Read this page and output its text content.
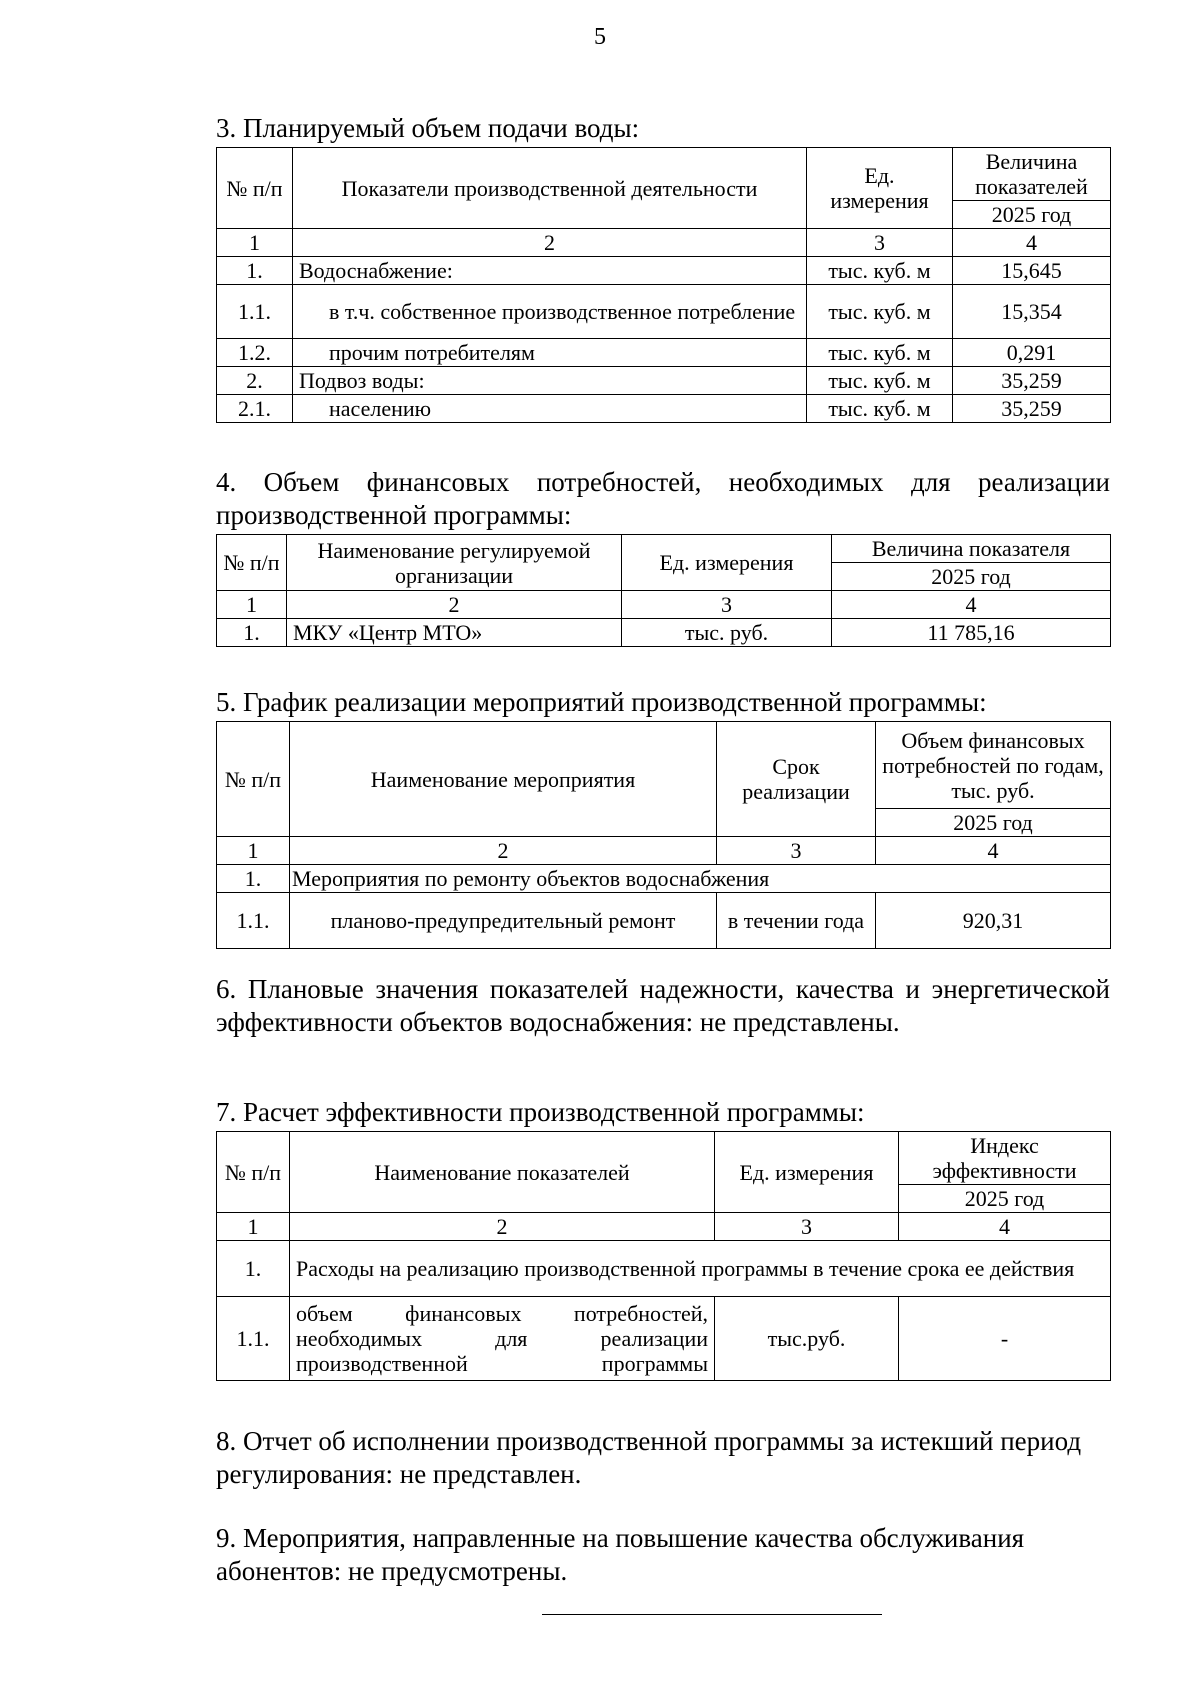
5
3. Планируемый объем подачи воды:
№ п/п	Показатели производственной деятельности	Ед. измерения	Величина показателей
			2025 год
1	2	3	4
1.	Водоснабжение:	тыс. куб. м	15,645
1.1.	в т.ч. собственное производственное потребление	тыс. куб. м	15,354
1.2.	прочим потребителям	тыс. куб. м	0,291
2.	Подвоз воды:	тыс. куб. м	35,259
2.1.	населению	тыс. куб. м	35,259
4. Объем финансовых потребностей, необходимых для реализации производственной программы:
№ п/п	Наименование регулируемой организации	Ед. измерения	Величина показателя
			2025 год
1	2	3	4
1.	МКУ «Центр МТО»	тыс. руб.	11 785,16
5. График реализации мероприятий производственной программы:
№ п/п	Наименование мероприятия	Срок реализации	Объем финансовых потребностей по годам, тыс. руб.
			2025 год
1	2	3	4
1.	Мероприятия по ремонту объектов водоснабжения		
1.1.	планово-предупредительный ремонт	в течении года	920,31
6. Плановые значения показателей надежности, качества и энергетической эффективности объектов водоснабжения: не представлены.
7. Расчет эффективности производственной программы:
№ п/п	Наименование показателей	Ед. измерения	Индекс эффективности
			2025 год
1	2	3	4
1.	Расходы на реализацию производственной программы в течение срока ее действия		
1.1.	объем финансовых потребностей, необходимых для реализации производственной программы	тыс.руб.	-
8. Отчет об исполнении производственной программы за истекший период регулирования: не представлен.
9. Мероприятия, направленные на повышение качества обслуживания абонентов: не предусмотрены.
